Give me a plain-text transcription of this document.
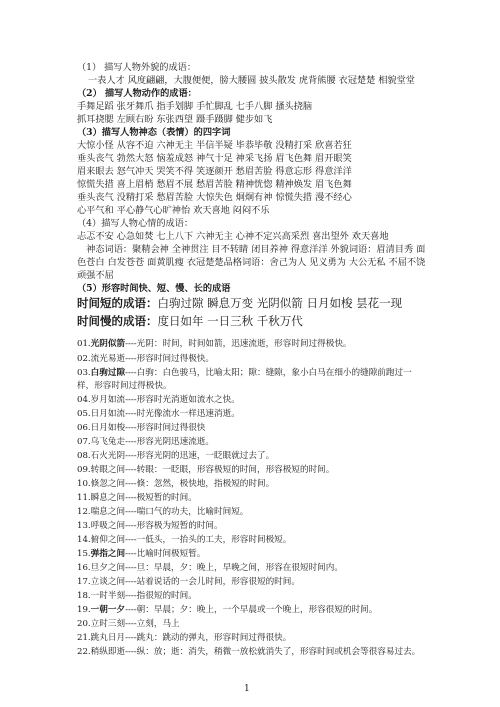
（1） 描写人物外貌的成语：
一表人才 风度翩翩，大腹便便，膀大腰圆 披头散发 虎背熊腰 衣冠楚楚 相貌堂堂
（2） 描写人物动作的成语：
手舞足蹈 张牙舞爪 指手划脚 手忙脚乱 七手八脚 搔头挠脑
抓耳挠腮 左顾右盼 东张西望 蹑手蹑脚 健步如飞
（3）描写人物神态（表情）的四字词
大惊小怪 从容不迫 六神无主 半信半疑 毕恭毕敬 没精打采 欣喜若狂
垂头丧气 勃然大怒 恼羞成怒 神气十足 神采飞扬 眉飞色舞 眉开眼笑
眉来眼去 怒气冲天 哭笑不得 笑逐颜开 愁眉苦脸 得意忘形 得意洋洋
惊慌失措 喜上眉梢 愁眉不展 愁眉苦脸 精神恍惚 精神焕发 眉飞色舞
垂头丧气 没精打采 愁眉苦脸 大惊失色 炯炯有神 惊慌失措 漫不经心
心平气和 平心静气心旷神怡 欢天喜地 闷闷不乐
（4）描写人物心情的成语：
忐忑不安 心急如焚 七上八下 六神无主 心神不定兴高采烈 喜出望外 欢天喜地
　神态词语：聚精会神 全神贯注 目不转睛 闭目养神 得意洋洋 外貌词语：眉清目秀 面
色苍白 白发苍苍 面黄肌瘦 衣冠楚楚品格词语：舍己为人 见义勇为 大公无私 不屈不饶
顽强不屈
（5）形容时间快、短、慢、长的成语
时间短的成语：白驹过隙 瞬息万变 光阴似箭 日月如梭 昙花一现
时间慢的成语：度日如年 一日三秋 千秋万代
01.光阴似箭----光阴：时间，时间如箭，迅速流逝，形容时间过得极快。
02.流光易逝----形容时间过得极快。
03.白驹过隙----白驹：白色骏马，比喻太阳；隙：缝隙，象小白马在细小的缝隙前跑过一
样，形容时间过得极快。
04.岁月如流----形容时光消逝如流水之快。
05.日月如流----时光像流水一样迅速消逝。
06.日月如梭----形容时间过得很快
07.乌飞兔走----形容光阴迅速流逝。
08.石火光阴----形容光阴的迅速，一眨眼就过去了。
09.转眼之间----转眼：一眨眼，形容极短的时间，形容极短的时间。
10.倏忽之间----倏：忽然，极快地，指极短的时间。
11.瞬息之间----极短暂的时间。
12.喘息之间----喘口气的功夫，比喻时间短。
13.呼吸之间----形容极为短暂的时间。
14.俯仰之间----一低头，一抬头的工夫，形容时间极短。
15.弹指之间----比喻时间极短暂。
16.旦夕之间----旦：早晨，夕：晚上，早晚之间，形容在很短时间内。
17.立谈之间----站着说话的一会儿时间，形容很短的时间。
18.一时半刻----指很短的时间。
19.一朝一夕----朝：早晨；夕：晚上，一个早晨或一个晚上，形容很短的时间。
20.立时三刻----立刻，马上
21.跳丸日月----跳丸：跳动的弹丸，形容时间过得很快。
22.稍纵即逝----纵：放；逝：消失，稍微一放松就消失了，形容时间或机会等很容易过去。
1
